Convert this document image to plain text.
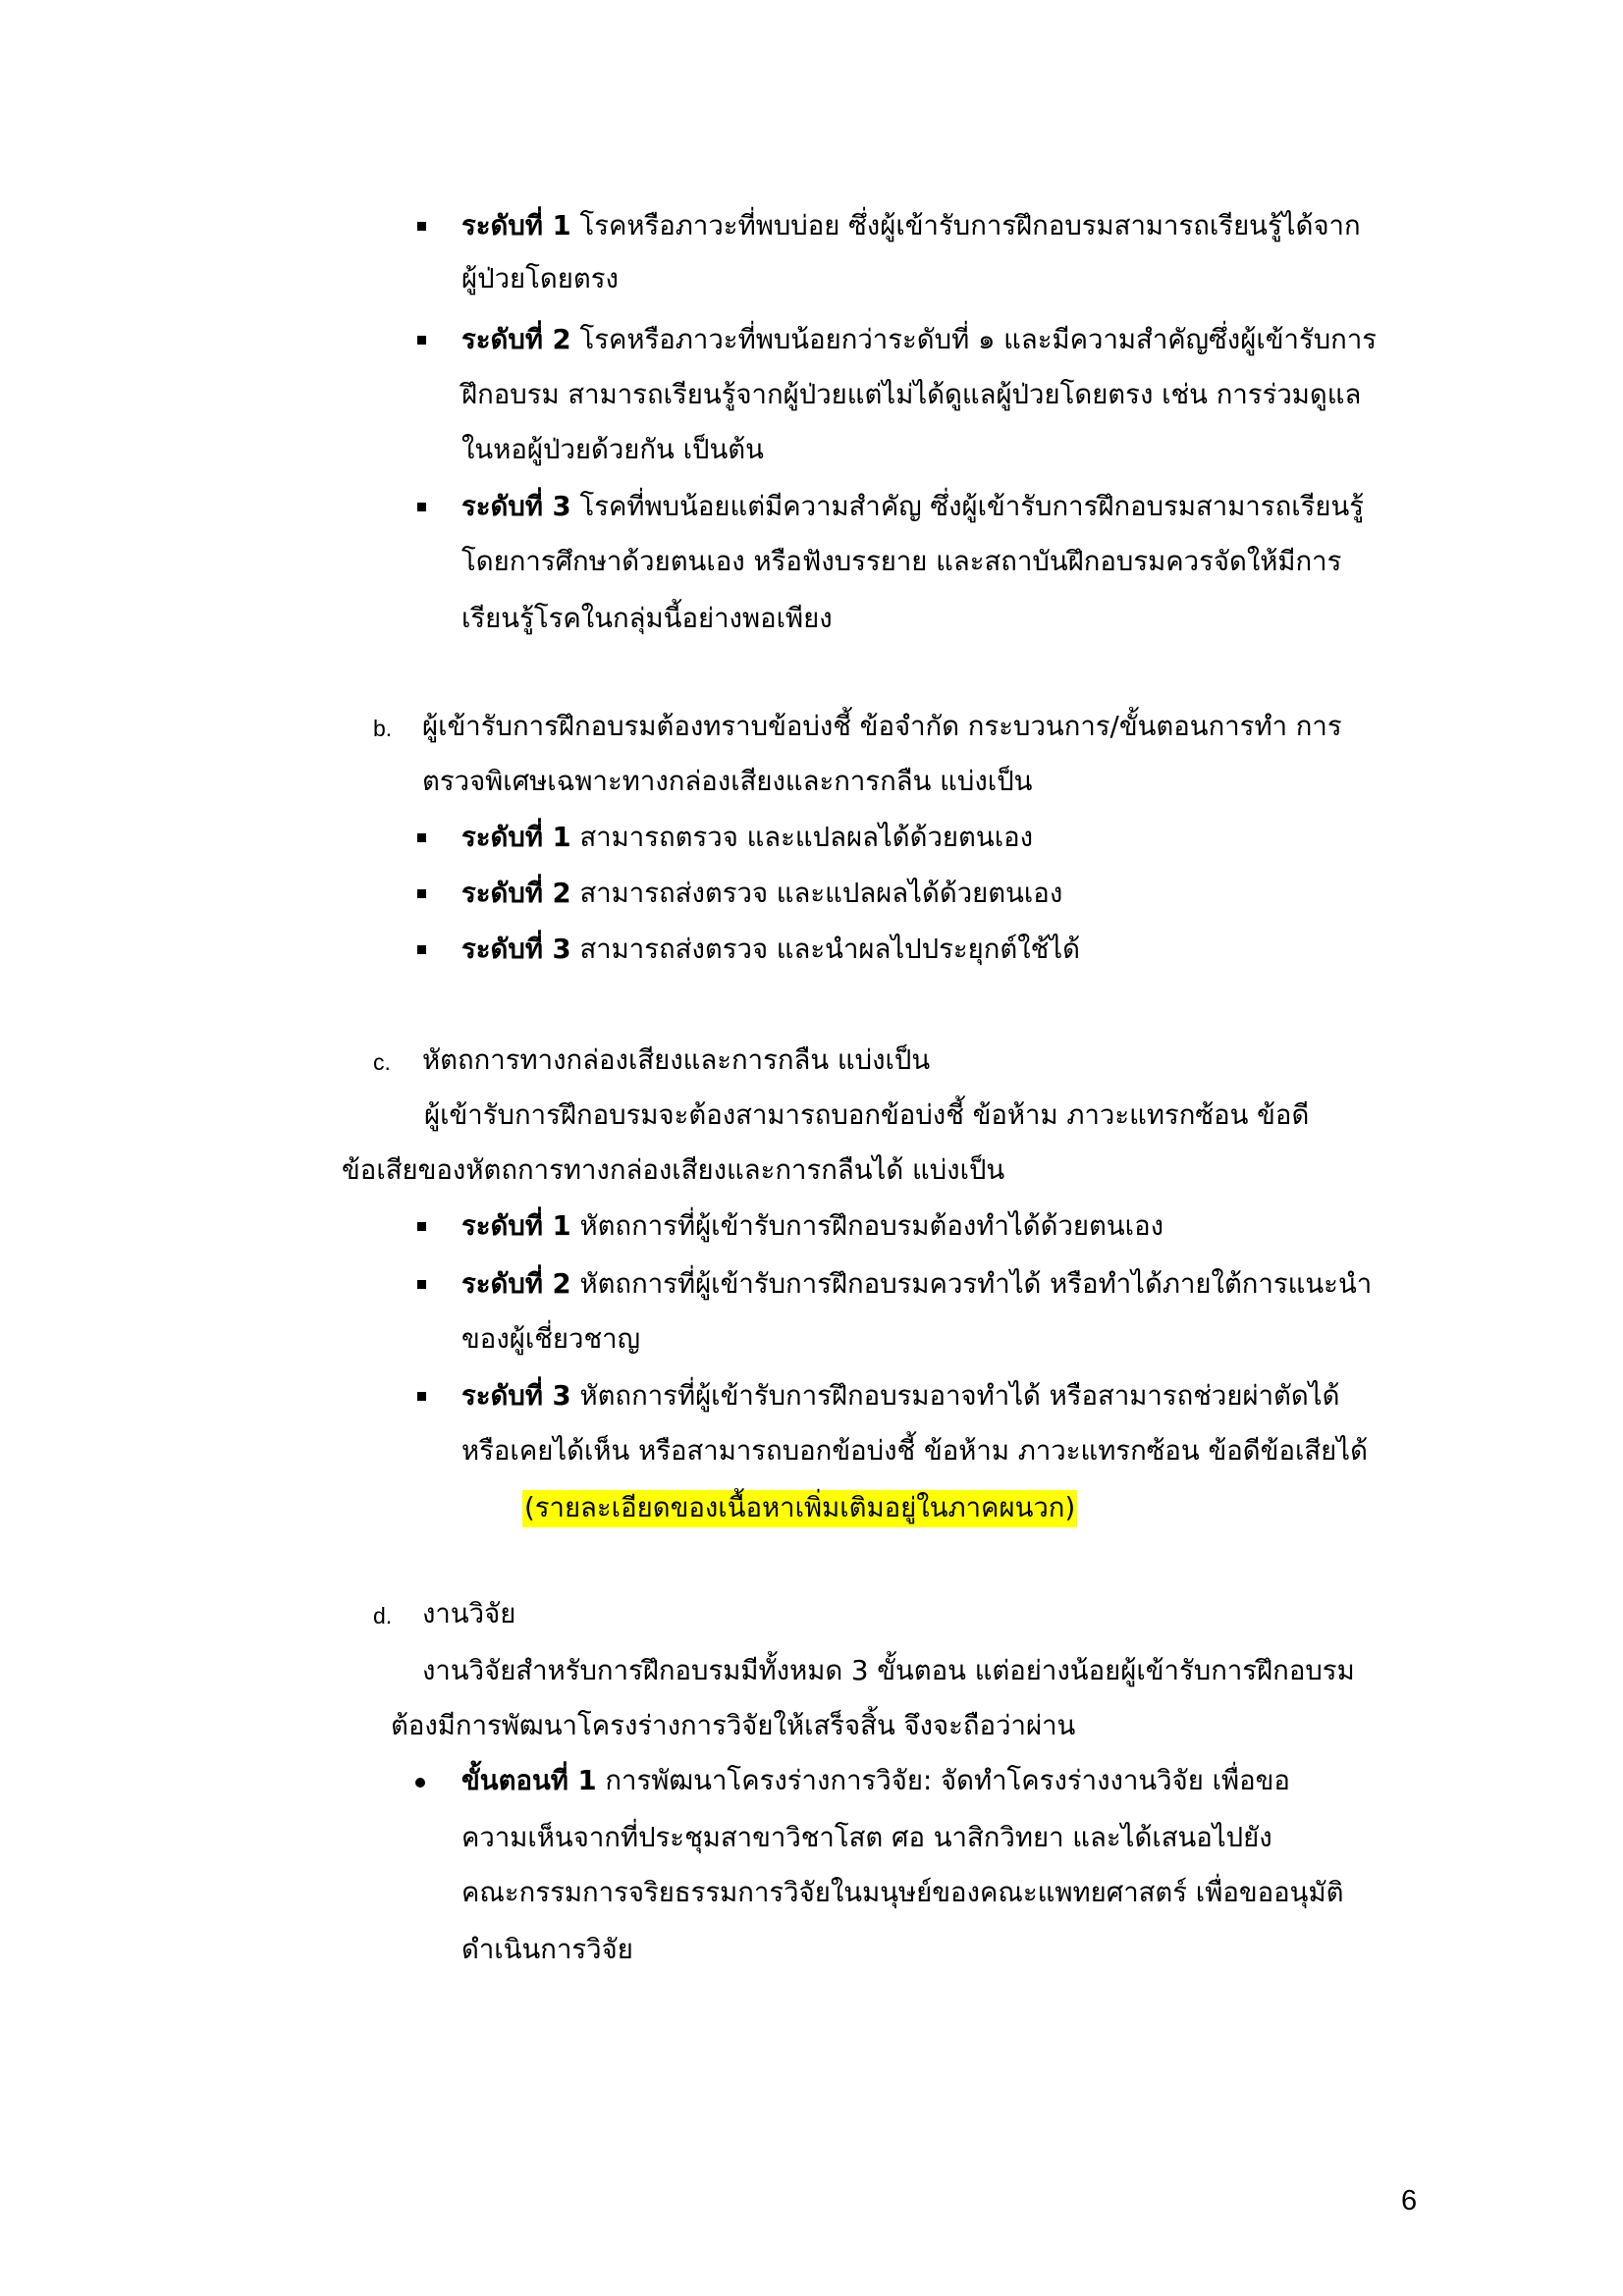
ระดับที่ 1 โรคหรือภาวะที่พบบ่อย ซึ่งผู้เข้ารับการฝึกอบรมสามารถเรียนรู้ได้จาก
ผู้ป่วยโดยตรง
ระดับที่ 2 โรคหรือภาวะที่พบน้อยกว่าระดับที่ ๑ และมีความสำคัญซึ่งผู้เข้ารับการ
ฝึกอบรม สามารถเรียนรู้จากผู้ป่วยแต่ไม่ได้ดูแลผู้ป่วยโดยตรง เช่น การร่วมดูแล
ในหอผู้ป่วยด้วยกัน เป็นต้น
ระดับที่ 3 โรคที่พบน้อยแต่มีความสำคัญ ซึ่งผู้เข้ารับการฝึกอบรมสามารถเรียนรู้
โดยการศึกษาด้วยตนเอง หรือฟังบรรยาย และสถาบันฝึกอบรมควรจัดให้มีการ
เรียนรู้โรคในกลุ่มนี้อย่างพอเพียง
b. ผู้เข้ารับการฝึกอบรมต้องทราบข้อบ่งชี้ ข้อจำกัด กระบวนการ/ขั้นตอนการทำ การ
ตรวจพิเศษเฉพาะทางกล่องเสียงและการกลืน แบ่งเป็น
ระดับที่ 1 สามารถตรวจ และแปลผลได้ด้วยตนเอง
ระดับที่ 2 สามารถส่งตรวจ และแปลผลได้ด้วยตนเอง
ระดับที่ 3 สามารถส่งตรวจ และนำผลไปประยุกต์ใช้ได้
c. หัตถการทางกล่องเสียงและการกลืน แบ่งเป็น
ผู้เข้ารับการฝึกอบรมจะต้องสามารถบอกข้อบ่งชี้ ข้อห้าม ภาวะแทรกซ้อน ข้อดี
ข้อเสียของหัตถการทางกล่องเสียงและการกลืนได้ แบ่งเป็น
ระดับที่ 1 หัตถการที่ผู้เข้ารับการฝึกอบรมต้องทำได้ด้วยตนเอง
ระดับที่ 2 หัตถการที่ผู้เข้ารับการฝึกอบรมควรทำได้ หรือทำได้ภายใต้การแนะนำ
ของผู้เชี่ยวชาญ
ระดับที่ 3 หัตถการที่ผู้เข้ารับการฝึกอบรมอาจทำได้ หรือสามารถช่วยผ่าตัดได้
หรือเคยได้เห็น หรือสามารถบอกข้อบ่งชี้ ข้อห้าม ภาวะแทรกซ้อน ข้อดีข้อเสียได้
(รายละเอียดของเนื้อหาเพิ่มเติมอยู่ในภาคผนวก)
d. งานวิจัย
งานวิจัยสำหรับการฝึกอบรมมีทั้งหมด 3 ขั้นตอน แต่อย่างน้อยผู้เข้ารับการฝึกอบรม
ต้องมีการพัฒนาโครงร่างการวิจัยให้เสร็จสิ้น จึงจะถือว่าผ่าน
ขั้นตอนที่ 1 การพัฒนาโครงร่างการวิจัย: จัดทำโครงร่างงานวิจัย เพื่อขอ
ความเห็นจากที่ประชุมสาขาวิชาโสต ศอ นาสิกวิทยา และได้เสนอไปยัง
คณะกรรมการจริยธรรมการวิจัยในมนุษย์ของคณะแพทยศาสตร์ เพื่อขออนุมัติ
ดำเนินการวิจัย
6
